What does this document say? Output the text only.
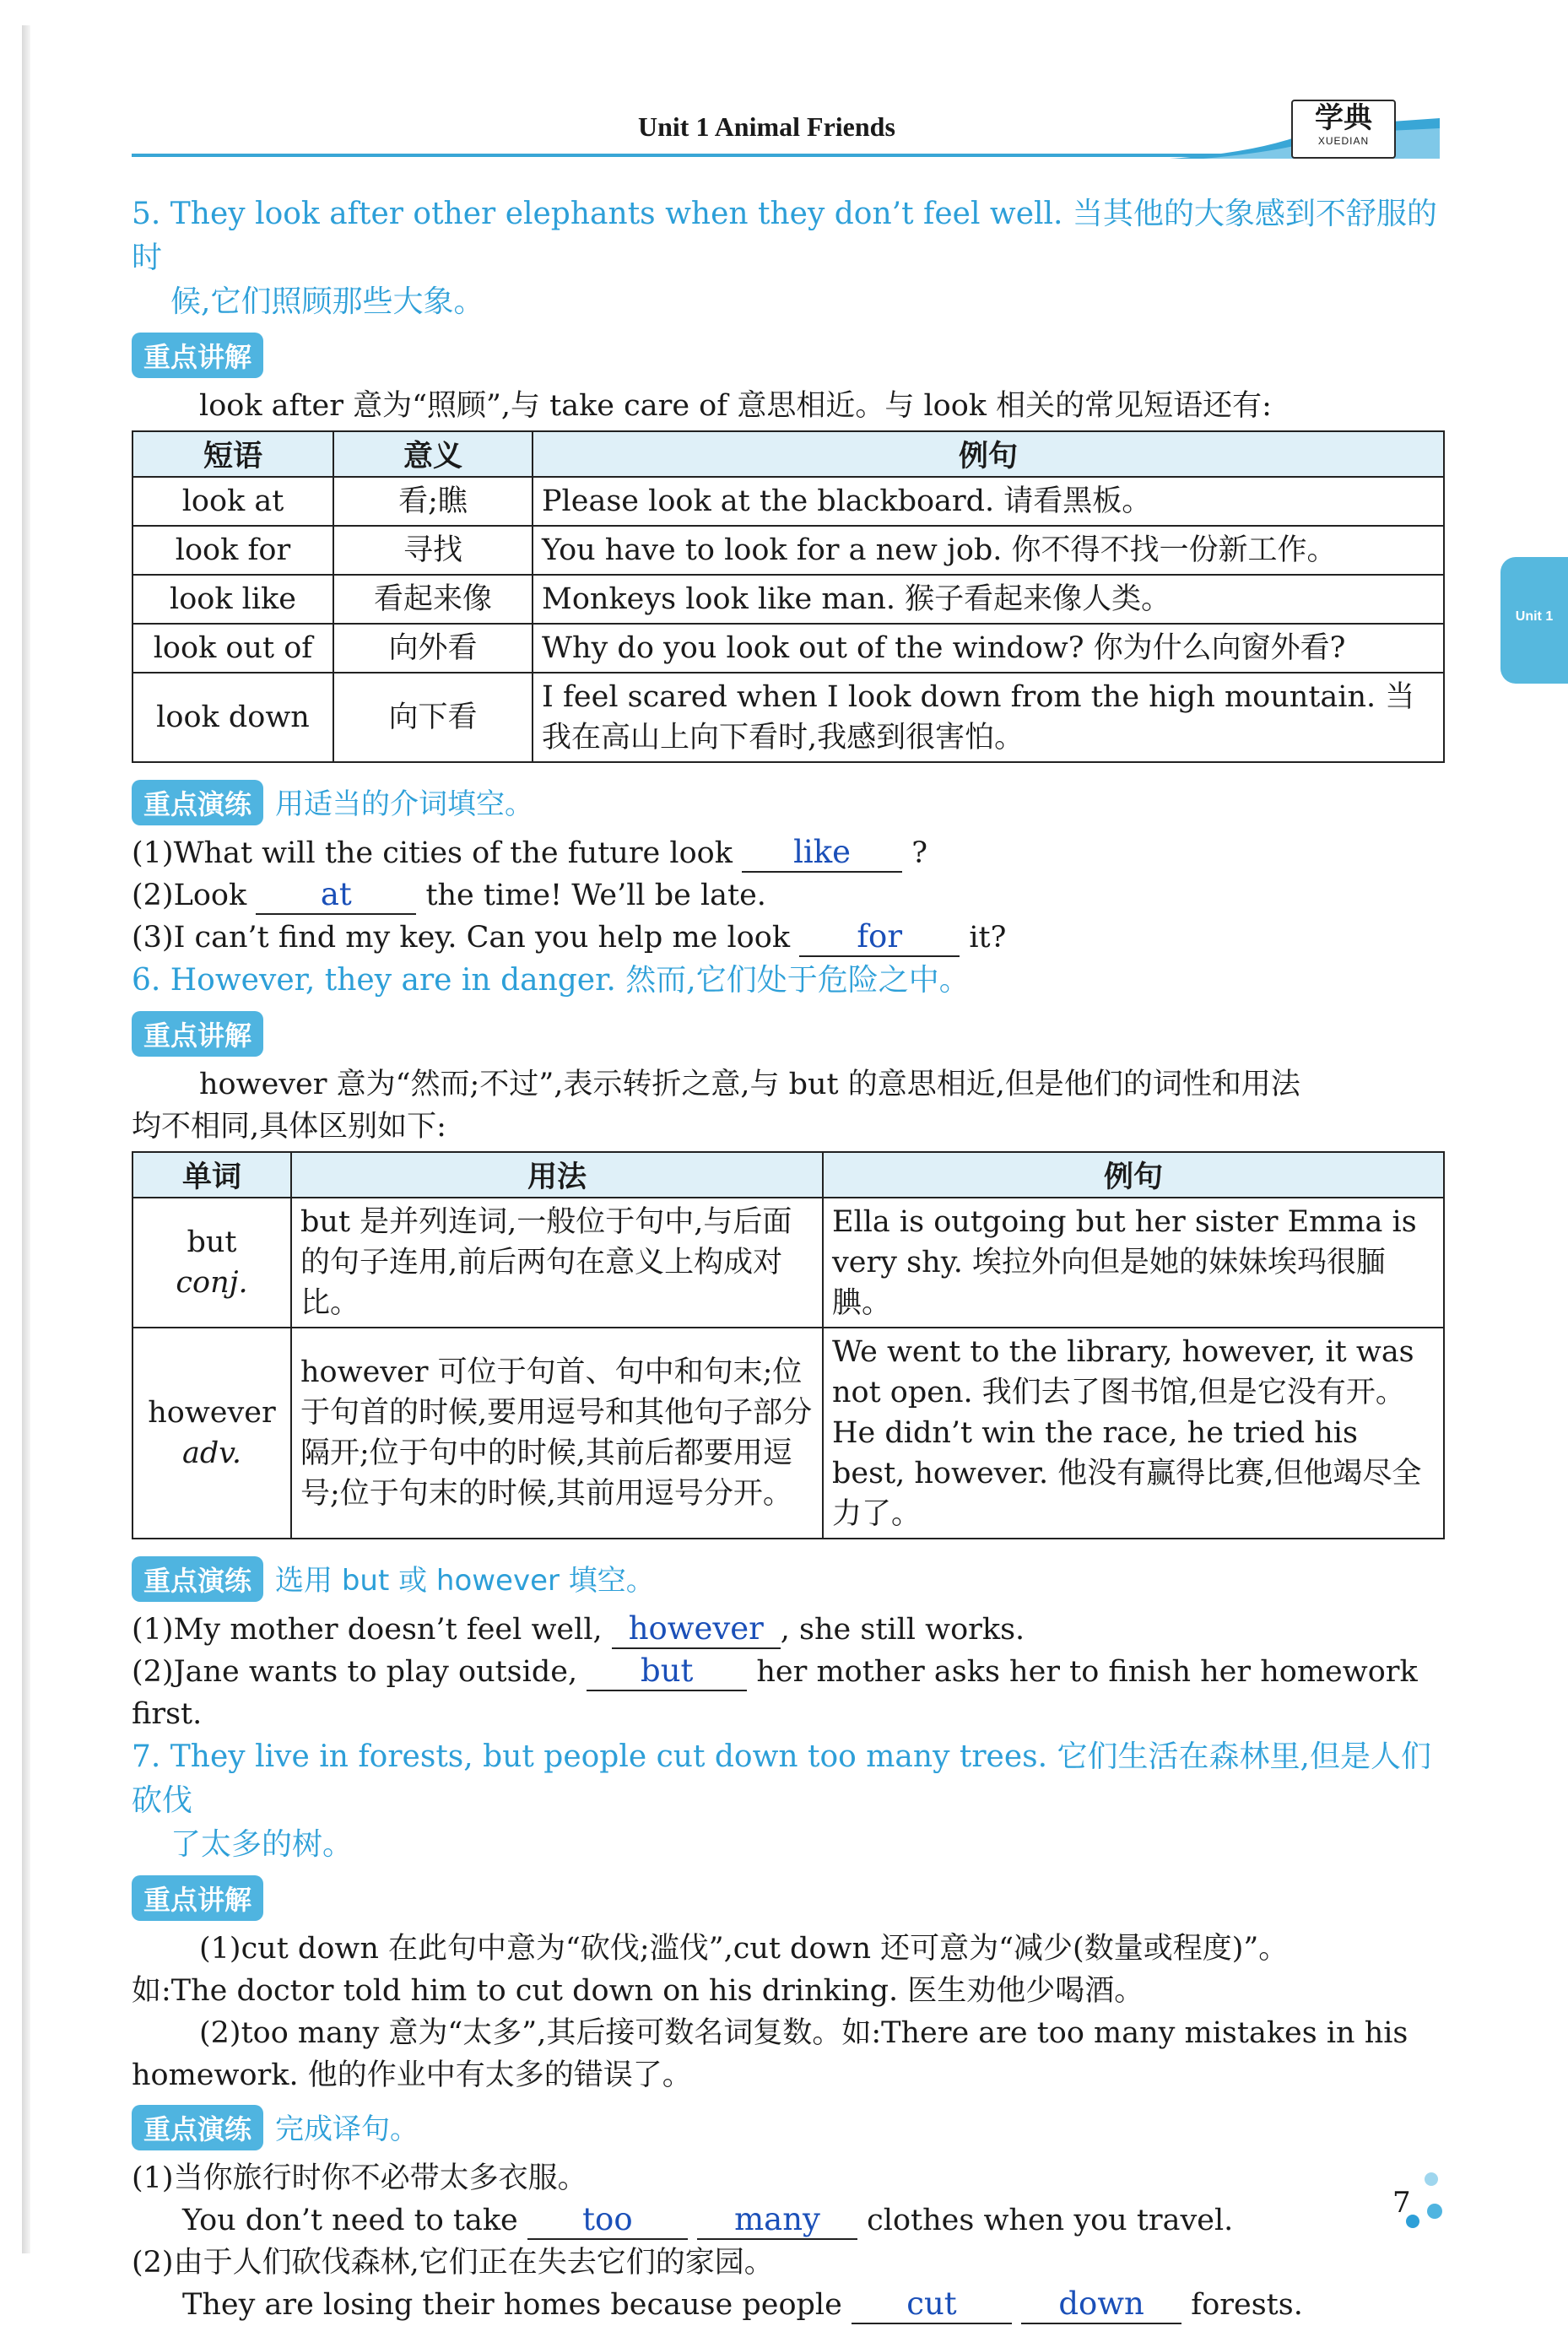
Unit 1 Animal Friends	学典
XUEDIAN
Unit 1

5. They look after other elephants when they don’t feel well. 当其他的大象感到不舒服的时
候,它们照顾那些大象。

重点讲解

look after 意为“照顾”,与 take care of 意思相近。与 look 相关的常见短语还有:

短语	意义	例句
look at	看;瞧	Please look at the blackboard. 请看黑板。
look for	寻找	You have to look for a new job. 你不得不找一份新工作。
look like	看起来像	Monkeys look like man. 猴子看起来像人类。
look out of	向外看	Why do you look out of the window? 你为什么向窗外看?
look down	向下看	I feel scared when I look down from the high mountain. 当我在高山上向下看时,我感到很害怕。
重点演练 用适当的介词填空。

(1)What will the cities of the future look like ?

(2)Look at	the time! We’ll be late.

(3)I can’t find my key. Can you help me look for it?

6. However, they are in danger. 然而,它们处于危险之中。

重点讲解

however 意为“然而;不过”,表示转折之意,与 but 的意思相近,但是他们的词性和用法

均不相同,具体区别如下:

单词	用法	例句
but
conj.	but 是并列连词,一般位于句中,与后面的句子连用,前后两句在意义上构成对比。	Ella is outgoing but her sister Emma is very shy. 埃拉外向但是她的妹妹埃玛很腼腆。
however
adv.	however 可位于句首、句中和句末;位于句首的时候,要用逗号和其他句子部分隔开;位于句中的时候,其前后都要用逗号;位于句末的时候,其前用逗号分开。	We went to the library, however, it was not open. 我们去了图书馆,但是它没有开。He didn’t win the race, he tried his best, however. 他没有赢得比赛,但他竭尽全力了。
重点演练 选用 but 或 however 填空。

(1)My mother doesn’t feel well, however , she still works.

(2)Jane wants to play outside, but her mother asks her to finish her homework first.

7. They live in forests, but people cut down too many trees. 它们生活在森林里,但是人们砍伐
了太多的树。

重点讲解

(1)cut down 在此句中意为“砍伐;滥伐”,cut down 还可意为“减少(数量或程度)”。

如:The doctor told him to cut down on his drinking. 医生劝他少喝酒。

(2)too many 意为“太多”,其后接可数名词复数。如:There are too many mistakes in his

homework. 他的作业中有太多的错误了。

重点演练 完成译句。

(1)当你旅行时你不必带太多衣服。

You don’t need to take too	many clothes when you travel.

(2)由于人们砍伐森林,它们正在失去它们的家园。

They are losing their homes because people cut	down forests.

7
